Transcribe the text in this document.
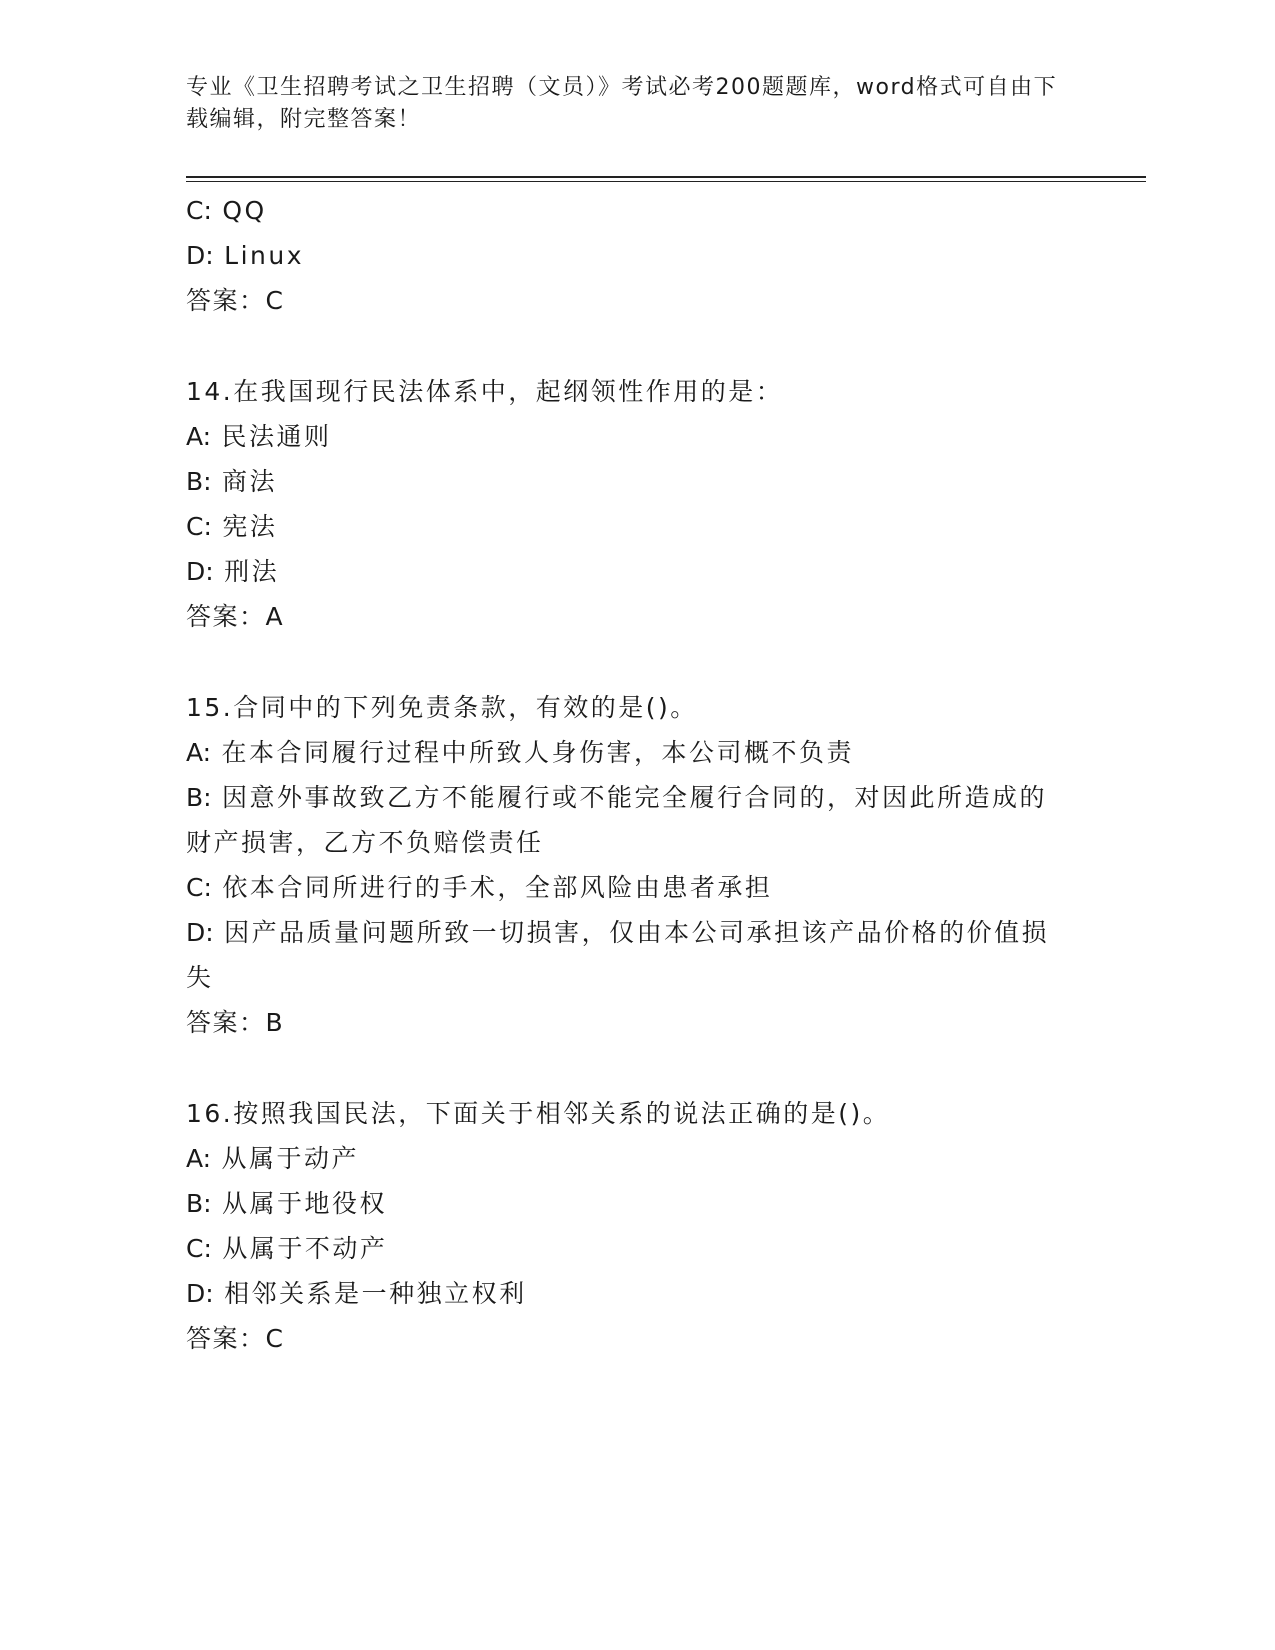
专业《卫生招聘考试之卫生招聘（文员）》考试必考200题题库，word格式可自由下载编辑，附完整答案！
C: QQ
D: Linux
答案：C
14.在我国现行民法体系中，起纲领性作用的是：
A: 民法通则
B: 商法
C: 宪法
D: 刑法
答案：A
15.合同中的下列免责条款，有效的是()。
A: 在本合同履行过程中所致人身伤害，本公司概不负责
B: 因意外事故致乙方不能履行或不能完全履行合同的，对因此所造成的财产损害，乙方不负赔偿责任
C: 依本合同所进行的手术，全部风险由患者承担
D: 因产品质量问题所致一切损害，仅由本公司承担该产品价格的价值损失
答案：B
16.按照我国民法，下面关于相邻关系的说法正确的是()。
A: 从属于动产
B: 从属于地役权
C: 从属于不动产
D: 相邻关系是一种独立权利
答案：C
